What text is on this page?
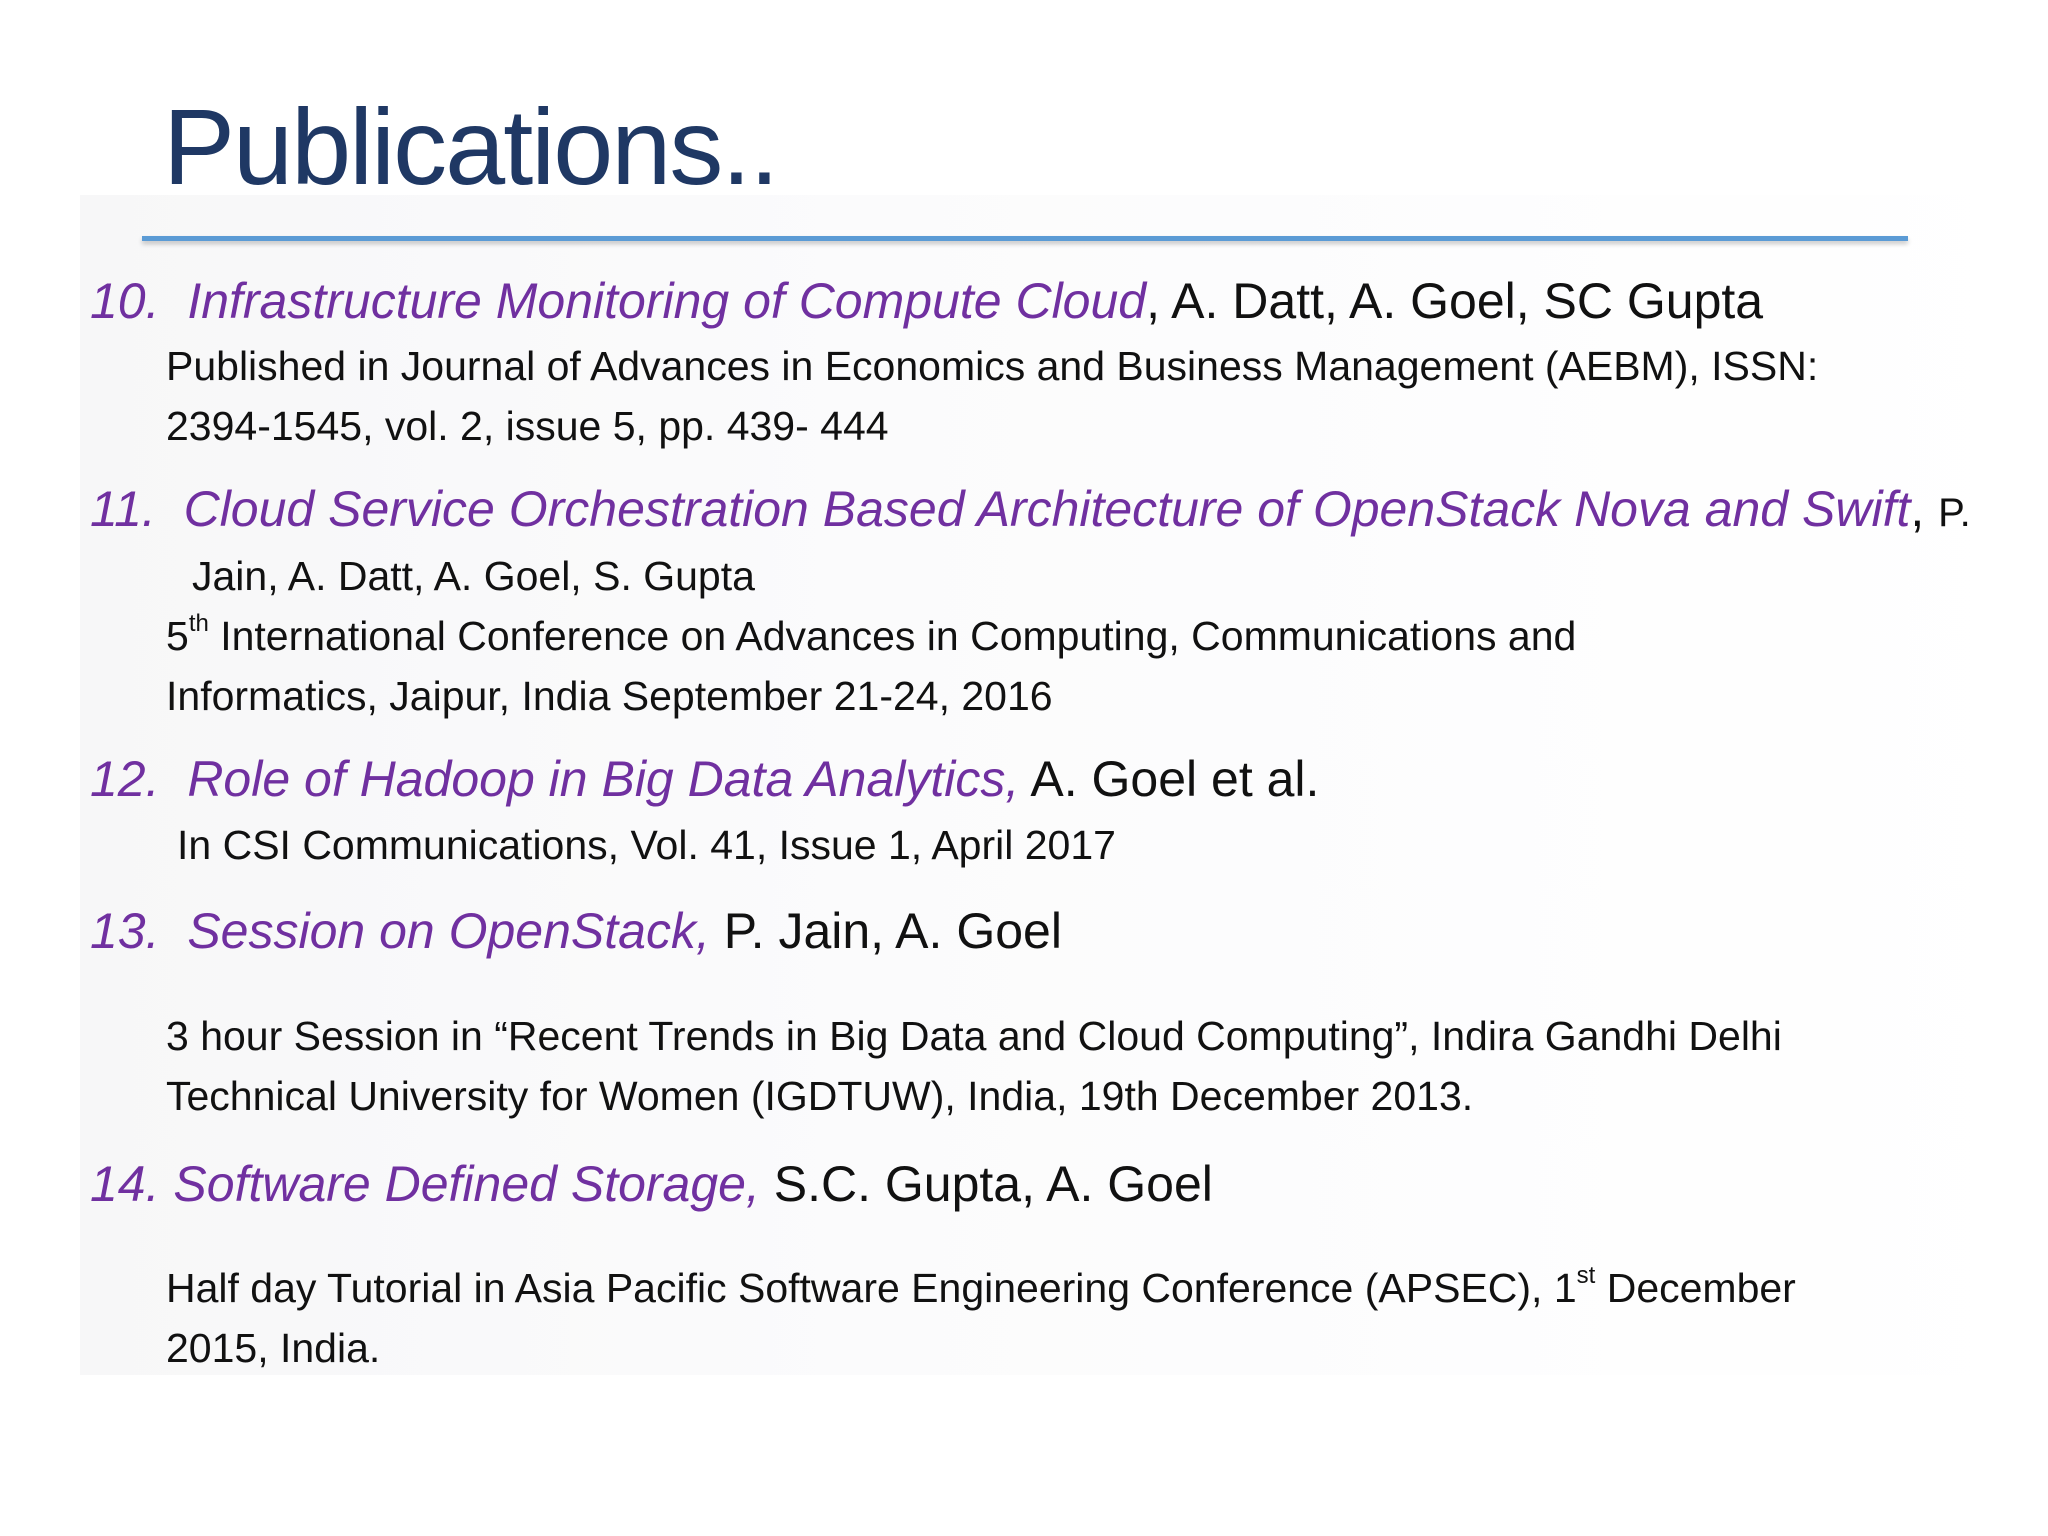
Publications..
10. Infrastructure Monitoring of Compute Cloud, A. Datt, A. Goel, SC Gupta
Published in Journal of Advances in Economics and Business Management (AEBM), ISSN:
2394-1545, vol. 2, issue 5, pp. 439- 444
11. Cloud Service Orchestration Based Architecture of OpenStack Nova and Swift, P.
Jain, A. Datt, A. Goel, S. Gupta
5th International Conference on Advances in Computing, Communications and
Informatics, Jaipur, India September 21-24, 2016
12. Role of Hadoop in Big Data Analytics, A. Goel et al.
In CSI Communications, Vol. 41, Issue 1, April 2017
13. Session on OpenStack, P. Jain, A. Goel
3 hour Session in “Recent Trends in Big Data and Cloud Computing”, Indira Gandhi Delhi
Technical University for Women (IGDTUW), India, 19th December 2013.
14. Software Defined Storage, S.C. Gupta, A. Goel
Half day Tutorial in Asia Pacific Software Engineering Conference (APSEC), 1st December
2015, India.
